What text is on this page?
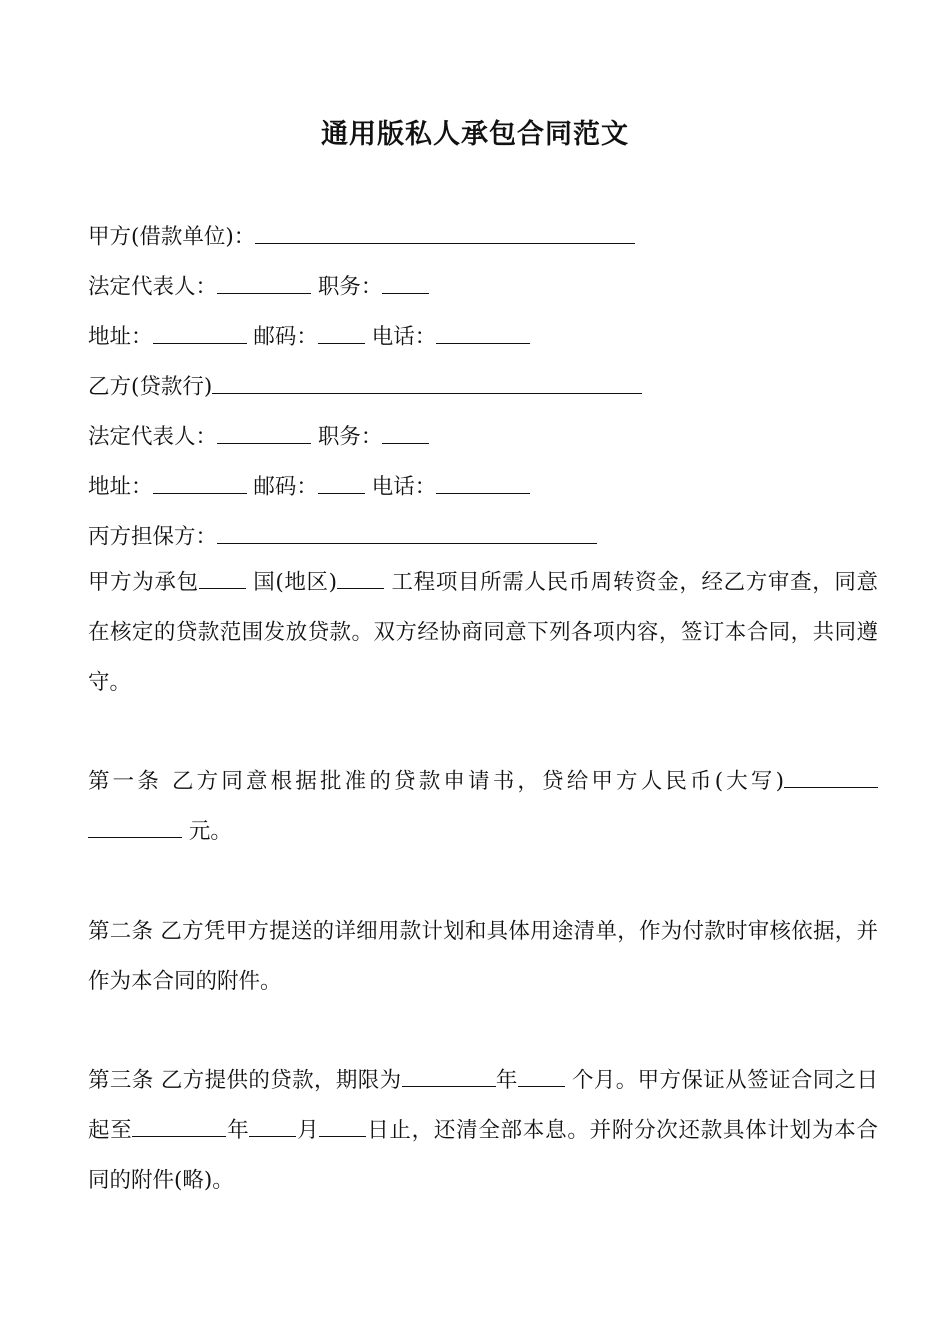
通用版私人承包合同范文
甲方(借款单位)：
法定代表人：	职务：
地址：	邮码：	电话：
乙方(贷款行)
法定代表人：	职务：
地址：	邮码：	电话：
丙方担保方：
甲方为承包	国(地区)	工程项目所需人民币周转资金，经乙方审查，同意在核定的贷款范围发放贷款。双方经协商同意下列各项内容，签订本合同，共同遵守。
第一条 乙方同意根据批准的贷款申请书，贷给甲方人民币(大写)  元。
第二条 乙方凭甲方提送的详细用款计划和具体用途清单，作为付款时审核依据，并作为本合同的附件。
第三条 乙方提供的贷款，期限为	年	个月。甲方保证从签证合同之日起至	年 月 日止，还清全部本息。并附分次还款具体计划为本合同的附件(略)。
